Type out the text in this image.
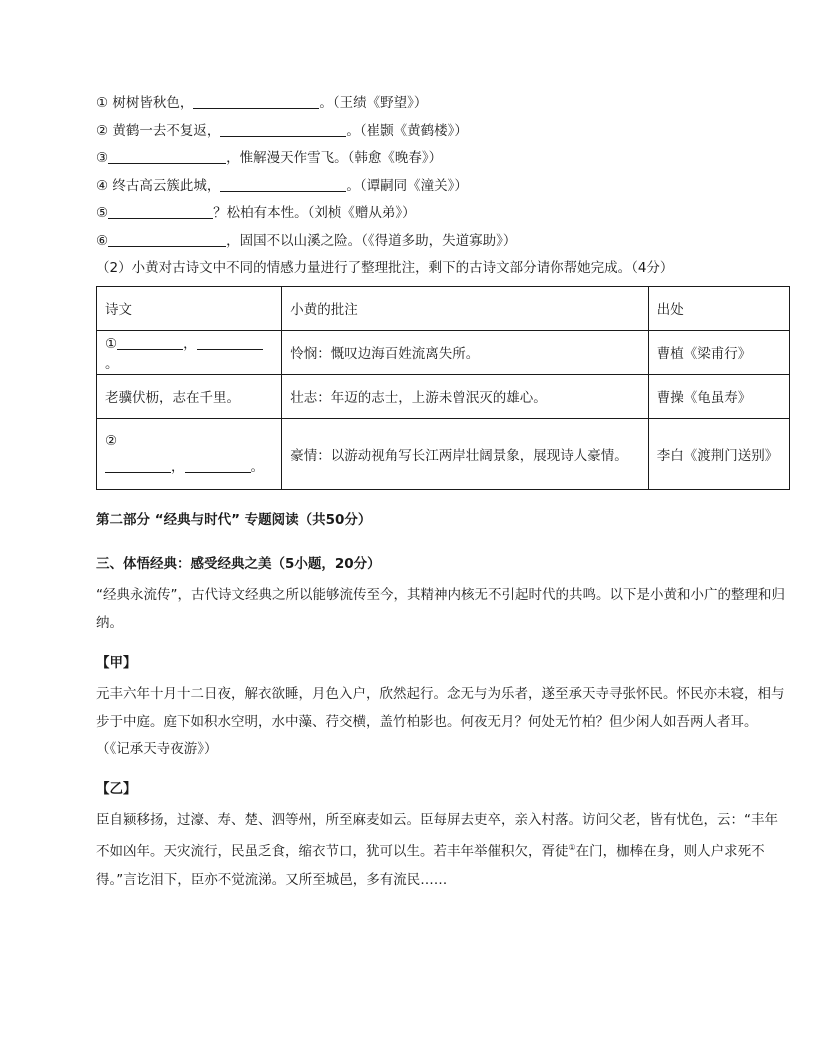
① 树树皆秋色，	。（王绩《野望》）
② 黄鹤一去不复返，	。（崔颢《黄鹤楼》）
③	，惟解漫天作雪飞。（韩愈《晚春》）
④ 终古高云簇此城，	。（谭嗣同《潼关》）
⑤	？松柏有本性。（刘桢《赠从弟》）
⑥	，固国不以山溪之险。（《得道多助，失道寡助》）
（2）小黄对古诗文中不同的情感力量进行了整理批注，剩下的古诗文部分请你帮她完成。（4分）
诗文	小黄的批注	出处
① ，。	怜悯：慨叹边海百姓流离失所。	曹植《梁甫行》
老骥伏枥，志在千里。	壮志：年迈的志士，上游未曾泯灭的雄心。	曹操《龟虽寿》

②
， 。	豪情：以游动视角写长江两岸壮阔景象，展现诗人豪情。	李白《渡荆门送别》
第二部分 “经典与时代” 专题阅读（共50分）
三、体悟经典：感受经典之美（5小题，20分）
“经典永流传”，古代诗文经典之所以能够流传至今，其精神内核无不引起时代的共鸣。以下是小黄和小广的整理和归纳。
【甲】
元丰六年十月十二日夜，解衣欲睡，月色入户，欣然起行。念无与为乐者，遂至承天寺寻张怀民。怀民亦未寝，相与步于中庭。庭下如积水空明，水中藻、荇交横，盖竹柏影也。何夜无月？何处无竹柏？但少闲人如吾两人者耳。
（《记承天寺夜游》）
【乙】
臣自颍移扬，过濠、寿、楚、泗等州，所至麻麦如云。臣每屏去吏卒，亲入村落。访问父老，皆有忧色，云：“丰年不如凶年。天灾流行，民虽乏食，缩衣节口，犹可以生。若丰年举催积欠，胥徒①在门，枷棒在身，则人户求死不得。”言讫泪下，臣亦不觉流涕。又所至城邑，多有流民……
